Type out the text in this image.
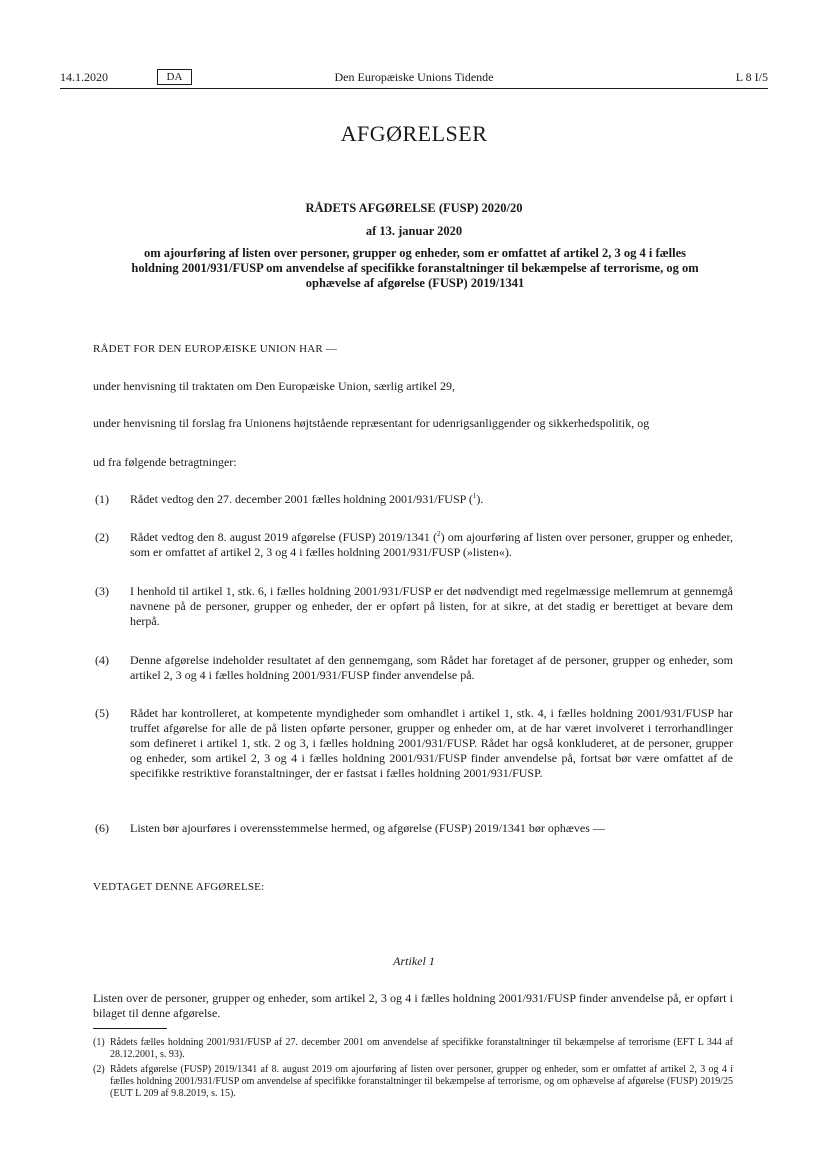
14.1.2020	Den Europæiske Unions Tidende
DA	L 8 I/5
AFGØRELSER
RÅDETS AFGØRELSE (FUSP) 2020/20
af 13. januar 2020
om ajourføring af listen over personer, grupper og enheder, som er omfattet af artikel 2, 3 og 4 i fælles holdning 2001/931/FUSP om anvendelse af specifikke foranstaltninger til bekæmpelse af terrorisme, og om ophævelse af afgørelse (FUSP) 2019/1341
RÅDET FOR DEN EUROPÆISKE UNION HAR —
under henvisning til traktaten om Den Europæiske Union, særlig artikel 29,
under henvisning til forslag fra Unionens højtstående repræsentant for udenrigsanliggender og sikkerhedspolitik, og
ud fra følgende betragtninger:
(1) Rådet vedtog den 27. december 2001 fælles holdning 2001/931/FUSP ($^1$).
(2) Rådet vedtog den 8. august 2019 afgørelse (FUSP) 2019/1341 ($^2$) om ajourføring af listen over personer, grupper og enheder, som er omfattet af artikel 2, 3 og 4 i fælles holdning 2001/931/FUSP (»listen«).
(3) I henhold til artikel 1, stk. 6, i fælles holdning 2001/931/FUSP er det nødvendigt med regelmæssige mellemrum at gennemgå navnene på de personer, grupper og enheder, der er opført på listen, for at sikre, at det stadig er berettiget at bevare dem herpå.
(4) Denne afgørelse indeholder resultatet af den gennemgang, som Rådet har foretaget af de personer, grupper og enheder, som artikel 2, 3 og 4 i fælles holdning 2001/931/FUSP finder anvendelse på.
(5) Rådet har kontrolleret, at kompetente myndigheder som omhandlet i artikel 1, stk. 4, i fælles holdning 2001/931/FUSP har truffet afgørelse for alle de på listen opførte personer, grupper og enheder om, at de har været involveret i terrorhandlinger som defineret i artikel 1, stk. 2 og 3, i fælles holdning 2001/931/FUSP. Rådet har også konkluderet, at de personer, grupper og enheder, som artikel 2, 3 og 4 i fælles holdning 2001/931/FUSP finder anvendelse på, fortsat bør være omfattet af de specifikke restriktive foranstaltninger, der er fastsat i fælles holdning 2001/931/FUSP.
(6) Listen bør ajourføres i overensstemmelse hermed, og afgørelse (FUSP) 2019/1341 bør ophæves —
VEDTAGET DENNE AFGØRELSE:
Artikel 1
Listen over de personer, grupper og enheder, som artikel 2, 3 og 4 i fælles holdning 2001/931/FUSP finder anvendelse på, er opført i bilaget til denne afgørelse.
(1) Rådets fælles holdning 2001/931/FUSP af 27. december 2001 om anvendelse af specifikke foranstaltninger til bekæmpelse af terrorisme (EFT L 344 af 28.12.2001, s. 93).
(2) Rådets afgørelse (FUSP) 2019/1341 af 8. august 2019 om ajourføring af listen over personer, grupper og enheder, som er omfattet af artikel 2, 3 og 4 i fælles holdning 2001/931/FUSP om anvendelse af specifikke foranstaltninger til bekæmpelse af terrorisme, og om ophævelse af afgørelse (FUSP) 2019/25 (EUT L 209 af 9.8.2019, s. 15).
